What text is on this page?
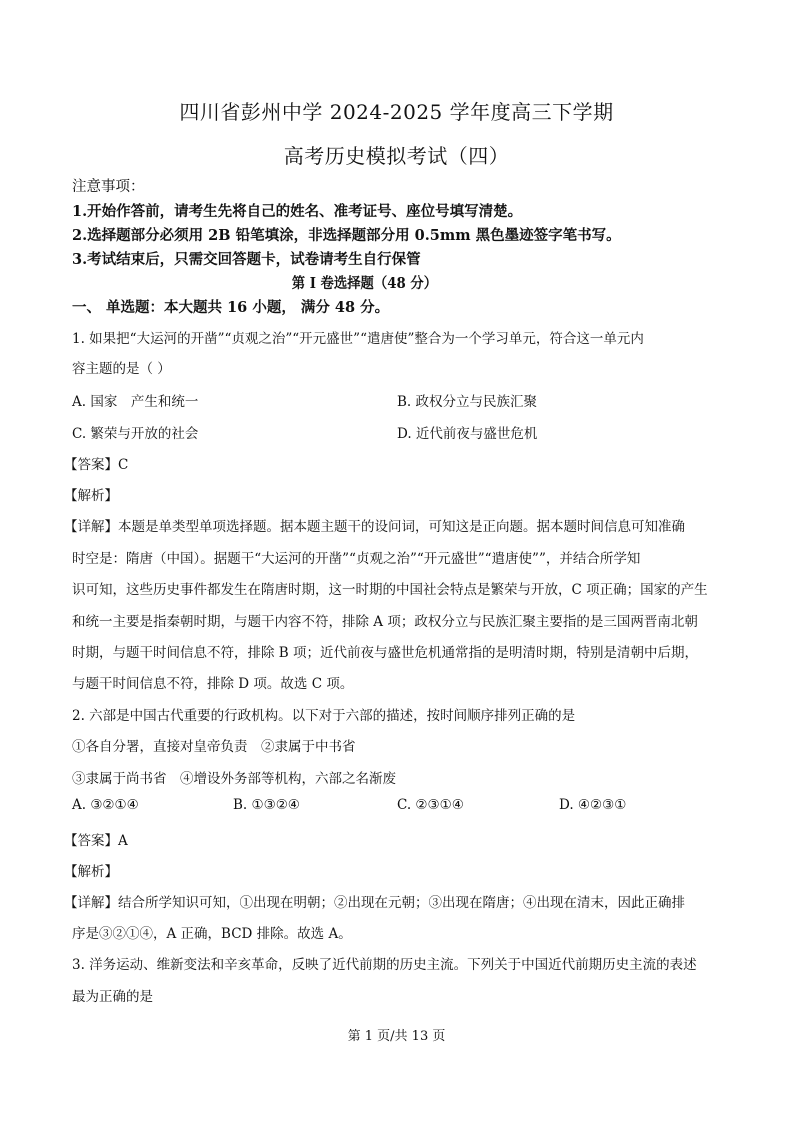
四川省彭州中学 2024-2025 学年度高三下学期
高考历史模拟考试（四）
注意事项：
1.开始作答前，请考生先将自己的姓名、准考证号、座位号填写清楚。
2.选择题部分必须用 2B 铅笔填涂，非选择题部分用 0.5mm 黑色墨迹签字笔书写。
3.考试结束后，只需交回答题卡，试卷请考生自行保管
第 I 卷选择题（48 分）
一、 单选题：本大题共 16 小题， 满分 48 分。
1. 如果把“大运河的开凿”“贞观之治”“开元盛世”“遣唐使”整合为一个学习单元，符合这一单元内
容主题的是（ ）
A. 国家　产生和统一	B. 政权分立与民族汇聚
C. 繁荣与开放的社会	D. 近代前夜与盛世危机
【答案】C
【解析】
【详解】本题是单类型单项选择题。据本题主题干的设问词，可知这是正向题。据本题时间信息可知准确
时空是：隋唐（中国）。据题干“大运河的开凿”“贞观之治”“开元盛世”“遣唐使””，并结合所学知
识可知，这些历史事件都发生在隋唐时期，这一时期的中国社会特点是繁荣与开放，C 项正确；国家的产生
和统一主要是指秦朝时期，与题干内容不符，排除 A 项；政权分立与民族汇聚主要指的是三国两晋南北朝
时期，与题干时间信息不符，排除 B 项；近代前夜与盛世危机通常指的是明清时期，特别是清朝中后期，
与题干时间信息不符，排除 D 项。故选 C 项。
2. 六部是中国古代重要的行政机构。以下对于六部的描述，按时间顺序排列正确的是
①各自分署，直接对皇帝负责　②隶属于中书省
③隶属于尚书省　④增设外务部等机构，六部之名渐废
A. ③②①④	B. ①③②④	C. ②③①④	D. ④②③①
【答案】A
【解析】
【详解】结合所学知识可知，①出现在明朝；②出现在元朝；③出现在隋唐；④出现在清末，因此正确排
序是③②①④，A 正确，BCD 排除。故选 A。
3. 洋务运动、维新变法和辛亥革命，反映了近代前期的历史主流。下列关于中国近代前期历史主流的表述
最为正确的是
第 1 页/共 13 页
